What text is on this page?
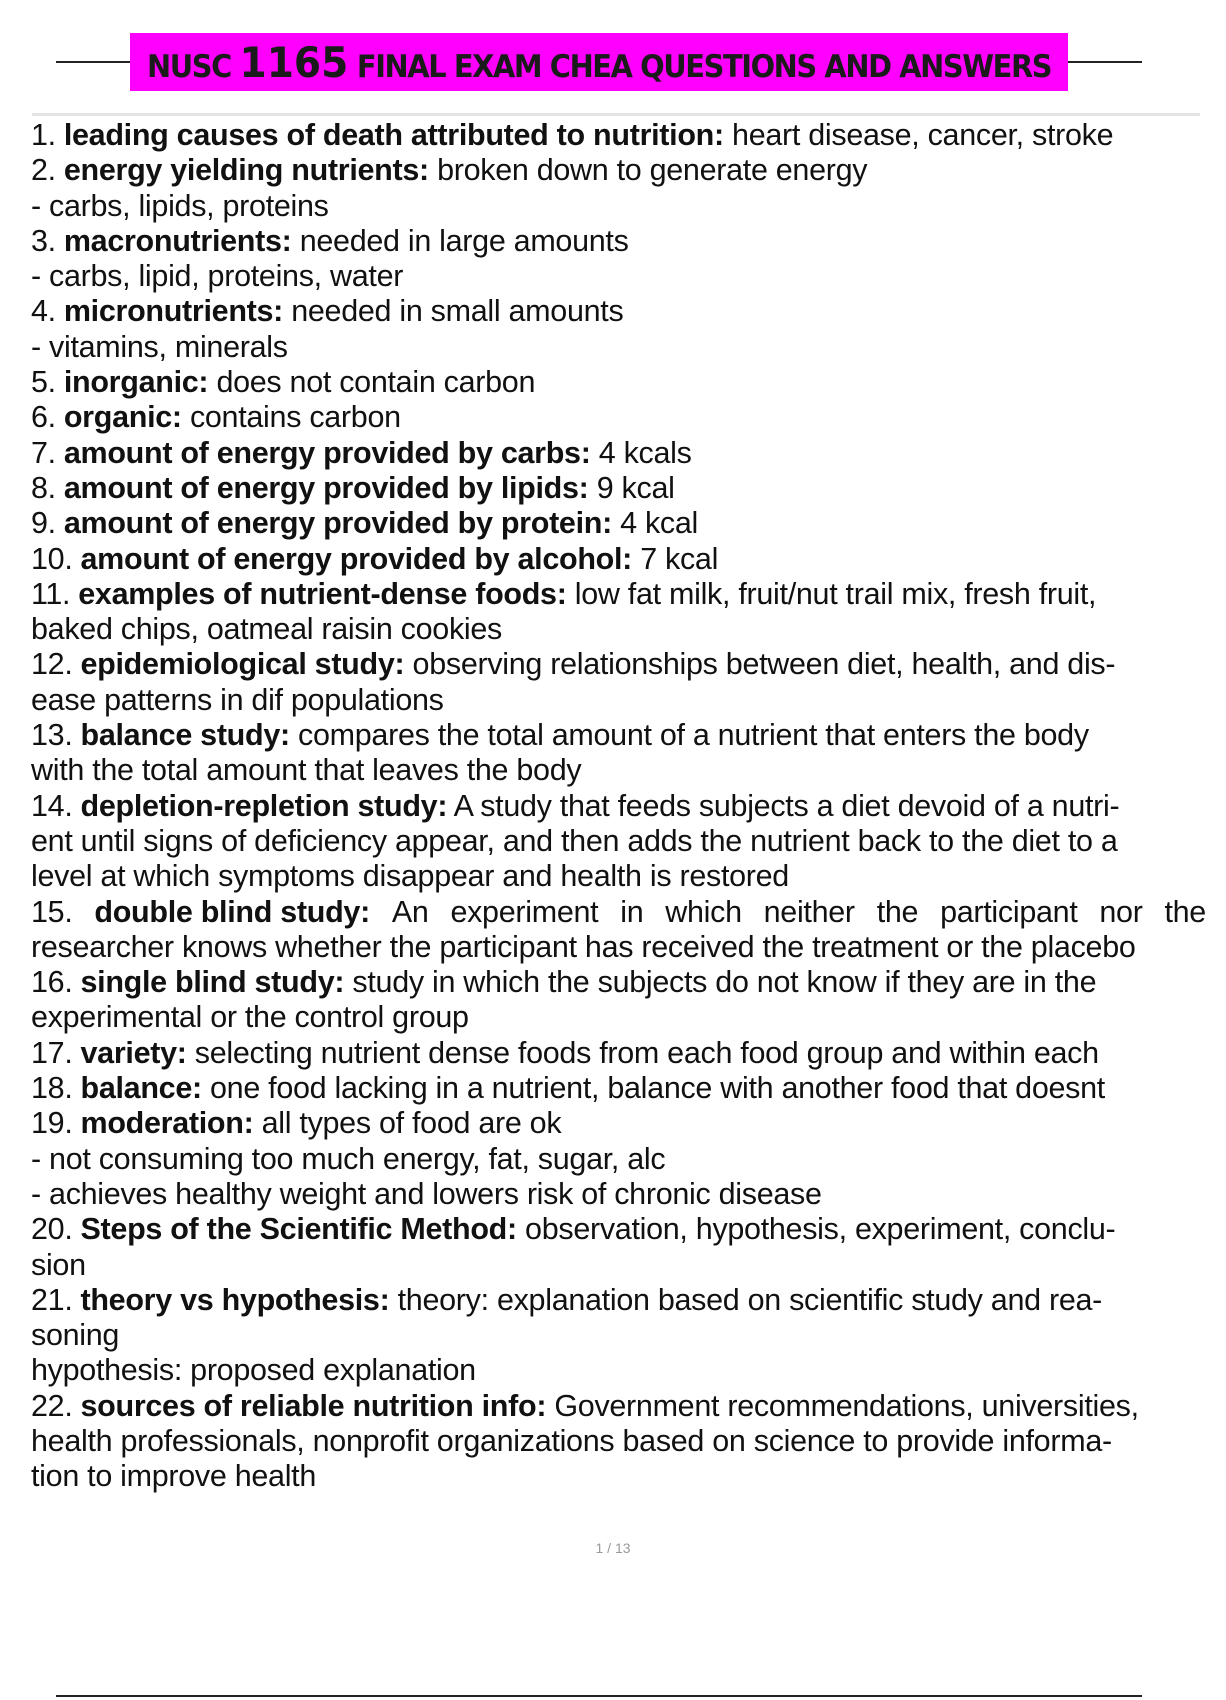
NUSC 1165 FINAL EXAM CHEA QUESTIONS AND ANSWERS
1. leading causes of death attributed to nutrition: heart disease, cancer, stroke
2. energy yielding nutrients: broken down to generate energy
- carbs, lipids, proteins
3. macronutrients: needed in large amounts
- carbs, lipid, proteins, water
4. micronutrients: needed in small amounts
- vitamins, minerals
5. inorganic: does not contain carbon
6. organic: contains carbon
7. amount of energy provided by carbs: 4 kcals
8. amount of energy provided by lipids: 9 kcal
9. amount of energy provided by protein: 4 kcal
10. amount of energy provided by alcohol: 7 kcal
11. examples of nutrient-dense foods: low fat milk, fruit/nut trail mix, fresh fruit,
baked chips, oatmeal raisin cookies
12. epidemiological study: observing relationships between diet, health, and dis-
ease patterns in dif populations
13. balance study: compares the total amount of a nutrient that enters the body
with the total amount that leaves the body
14. depletion-repletion study: A study that feeds subjects a diet devoid of a nutri-
ent until signs of deficiency appear, and then adds the nutrient back to the diet to a
level at which symptoms disappear and health is restored
15. double blind study: An experiment in which neither the participant nor the
researcher knows whether the participant has received the treatment or the placebo
16. single blind study: study in which the subjects do not know if they are in the
experimental or the control group
17. variety: selecting nutrient dense foods from each food group and within each
18. balance: one food lacking in a nutrient, balance with another food that doesnt
19. moderation: all types of food are ok
- not consuming too much energy, fat, sugar, alc
- achieves healthy weight and lowers risk of chronic disease
20. Steps of the Scientific Method: observation, hypothesis, experiment, conclu-
sion
21. theory vs hypothesis: theory: explanation based on scientific study and rea-
soning
hypothesis: proposed explanation
22. sources of reliable nutrition info: Government recommendations, universities,
health professionals, nonprofit organizations based on science to provide informa-
tion to improve health
1 / 13
